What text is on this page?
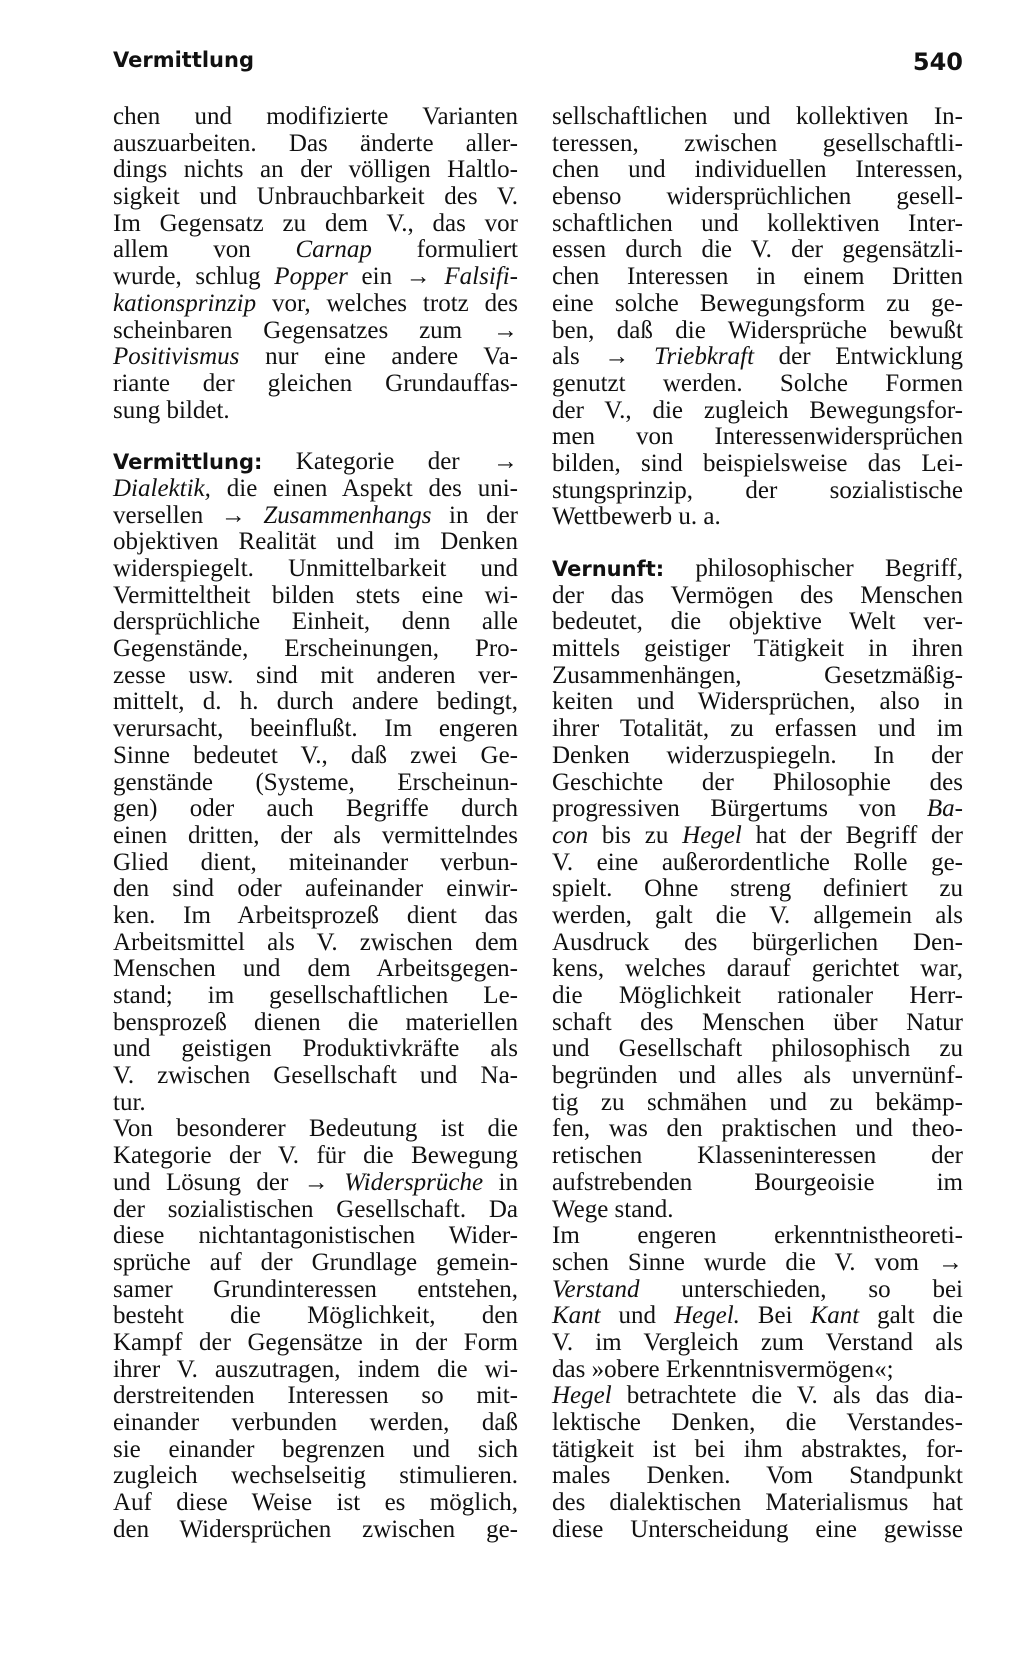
Vermittlung	540
chen und modifizierte Varianten
auszuarbeiten. Das änderte aller-
dings nichts an der völligen Haltlo-
sigkeit und Unbrauchbarkeit des V.
Im Gegensatz zu dem V., das vor
allem von Carnap formuliert
wurde, schlug Popper ein → Falsifi-
kationsprinzip vor, welches trotz des
scheinbaren Gegensatzes zum →
Positivismus nur eine andere Va-
riante der gleichen Grundauffas-
sung bildet.
Vermittlung: Kategorie der →
Dialektik, die einen Aspekt des uni-
versellen → Zusammenhangs in der
objektiven Realität und im Denken
widerspiegelt. Unmittelbarkeit und
Vermitteltheit bilden stets eine wi-
dersprüchliche Einheit, denn alle
Gegenstände, Erscheinungen, Pro-
zesse usw. sind mit anderen ver-
mittelt, d. h. durch andere bedingt,
verursacht, beeinflußt. Im engeren
Sinne bedeutet V., daß zwei Ge-
genstände (Systeme, Erscheinun-
gen) oder auch Begriffe durch
einen dritten, der als vermittelndes
Glied dient, miteinander verbun-
den sind oder aufeinander einwir-
ken. Im Arbeitsprozeß dient das
Arbeitsmittel als V. zwischen dem
Menschen und dem Arbeitsgegen-
stand; im gesellschaftlichen Le-
bensprozeß dienen die materiellen
und geistigen Produktivkräfte als
V. zwischen Gesellschaft und Na-
tur.
Von besonderer Bedeutung ist die
Kategorie der V. für die Bewegung
und Lösung der → Widersprüche in
der sozialistischen Gesellschaft. Da
diese nichtantagonistischen Wider-
sprüche auf der Grundlage gemein-
samer Grundinteressen entstehen,
besteht die Möglichkeit, den
Kampf der Gegensätze in der Form
ihrer V. auszutragen, indem die wi-
derstreitenden Interessen so mit-
einander verbunden werden, daß
sie einander begrenzen und sich
zugleich wechselseitig stimulieren.
Auf diese Weise ist es möglich,
den Widersprüchen zwischen ge-
sellschaftlichen und kollektiven In-
teressen, zwischen gesellschaftli-
chen und individuellen Interessen,
ebenso widersprüchlichen gesell-
schaftlichen und kollektiven Inter-
essen durch die V. der gegensätzli-
chen Interessen in einem Dritten
eine solche Bewegungsform zu ge-
ben, daß die Widersprüche bewußt
als → Triebkraft der Entwicklung
genutzt werden. Solche Formen
der V., die zugleich Bewegungsfor-
men von Interessenwidersprüchen
bilden, sind beispielsweise das Lei-
stungsprinzip, der sozialistische
Wettbewerb u. a.
Vernunft: philosophischer Begriff,
der das Vermögen des Menschen
bedeutet, die objektive Welt ver-
mittels geistiger Tätigkeit in ihren
Zusammenhängen, Gesetzmäßig-
keiten und Widersprüchen, also in
ihrer Totalität, zu erfassen und im
Denken widerzuspiegeln. In der
Geschichte der Philosophie des
progressiven Bürgertums von Ba-
con bis zu Hegel hat der Begriff der
V. eine außerordentliche Rolle ge-
spielt. Ohne streng definiert zu
werden, galt die V. allgemein als
Ausdruck des bürgerlichen Den-
kens, welches darauf gerichtet war,
die Möglichkeit rationaler Herr-
schaft des Menschen über Natur
und Gesellschaft philosophisch zu
begründen und alles als unvernünf-
tig zu schmähen und zu bekämp-
fen, was den praktischen und theo-
retischen Klasseninteressen der
aufstrebenden Bourgeoisie im
Wege stand.
Im engeren erkenntnistheoreti-
schen Sinne wurde die V. vom →
Verstand unterschieden, so bei
Kant und Hegel. Bei Kant galt die
V. im Vergleich zum Verstand als
das »obere Erkenntnisvermögen«;
Hegel betrachtete die V. als das dia-
lektische Denken, die Verstandes-
tätigkeit ist bei ihm abstraktes, for-
males Denken. Vom Standpunkt
des dialektischen Materialismus hat
diese Unterscheidung eine gewisse
